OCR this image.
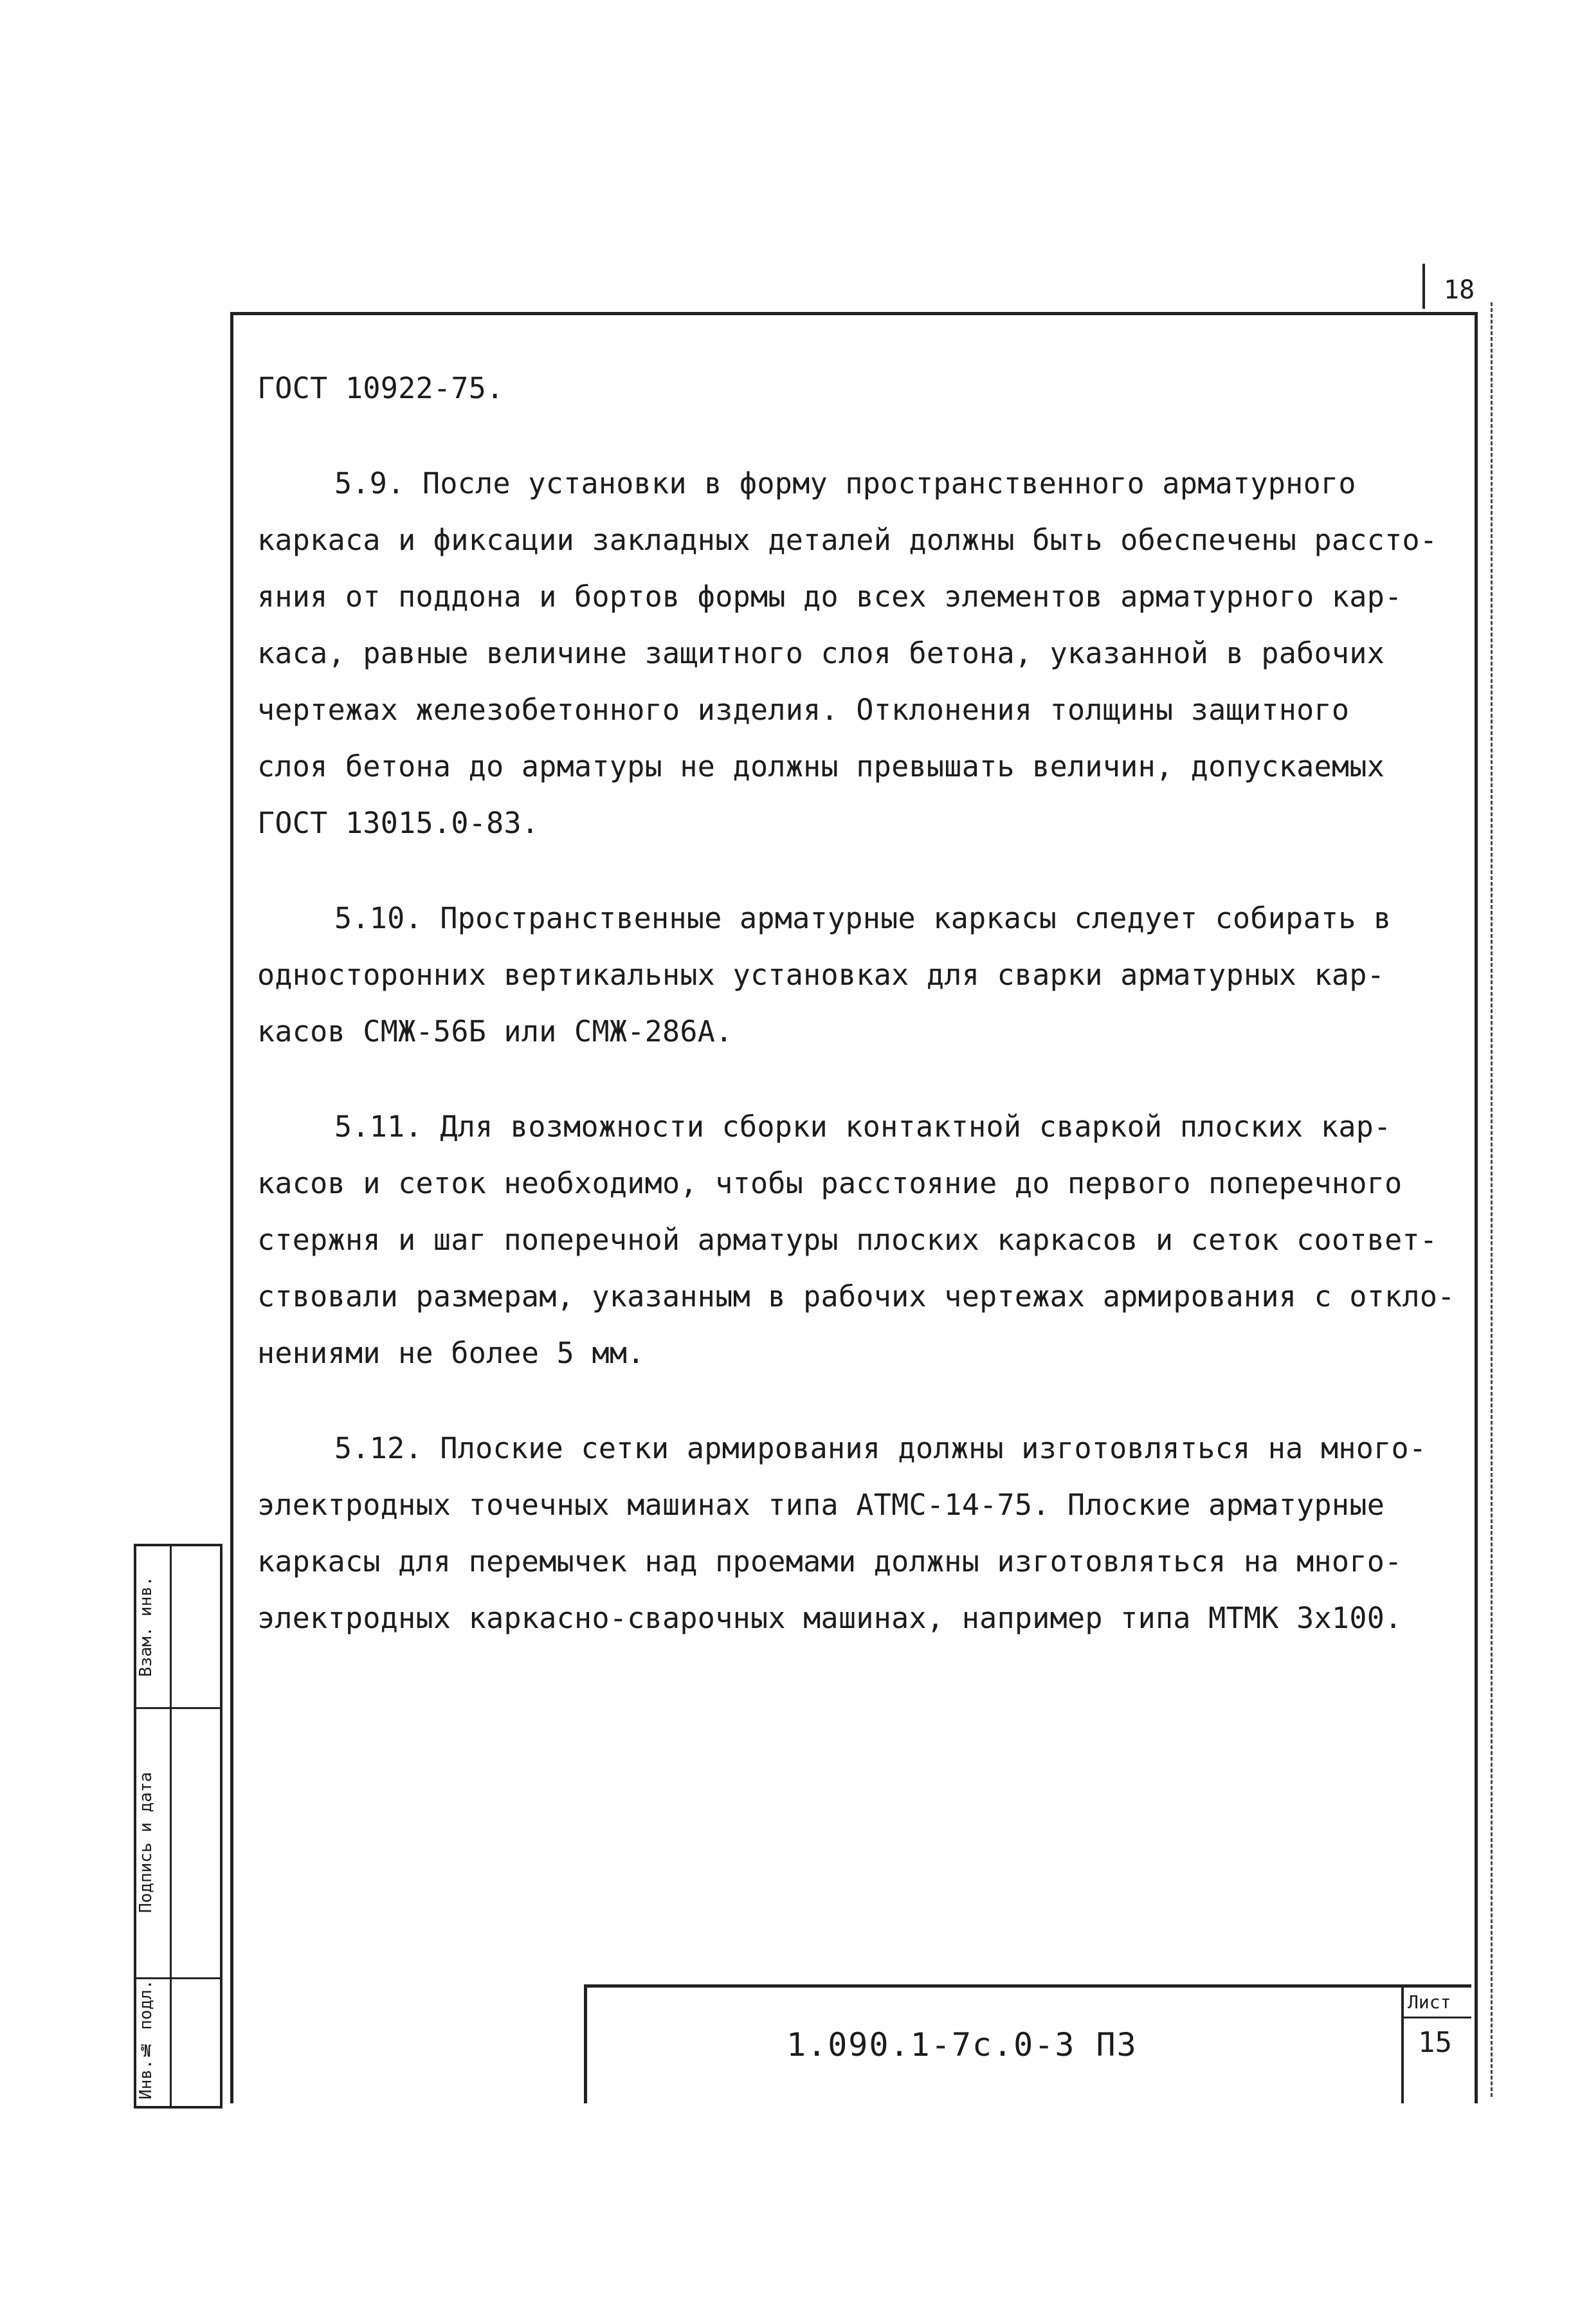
18

ГОСТ 10922-75.

5.9. После установки в форму пространственного арматурного
каркаса и фиксации закладных деталей должны быть обеспечены рассто-
яния от поддона и бортов формы до всех элементов арматурного кар-
каса, равные величине защитного слоя бетона, указанной в рабочих
чертежах железобетонного изделия. Отклонения толщины защитного
слоя бетона до арматуры не должны превышать величин, допускаемых
ГОСТ 13015.0-83.

5.10. Пространственные арматурные каркасы следует собирать в
односторонних вертикальных установках для сварки арматурных кар-
касов СМЖ-56Б или СМЖ-286А.

5.11. Для возможности сборки контактной сваркой плоских кар-
касов и сеток необходимо, чтобы расстояние до первого поперечного
стержня и шаг поперечной арматуры плоских каркасов и сеток соответ-
ствовали размерам, указанным в рабочих чертежах армирования с откло-
нениями не более 5 мм.

5.12. Плоские сетки армирования должны изготовляться на много-
электродных точечных машинах типа АТМС-14-75. Плоские арматурные
каркасы для перемычек над проемами должны изготовляться на много-
электродных каркасно-сварочных машинах, например типа МТМК 3х100.

Взам. инв.
Подпись и дата
Инв.№ подл.	1.090.1-7с.0-3 ПЗ
Лист
15
